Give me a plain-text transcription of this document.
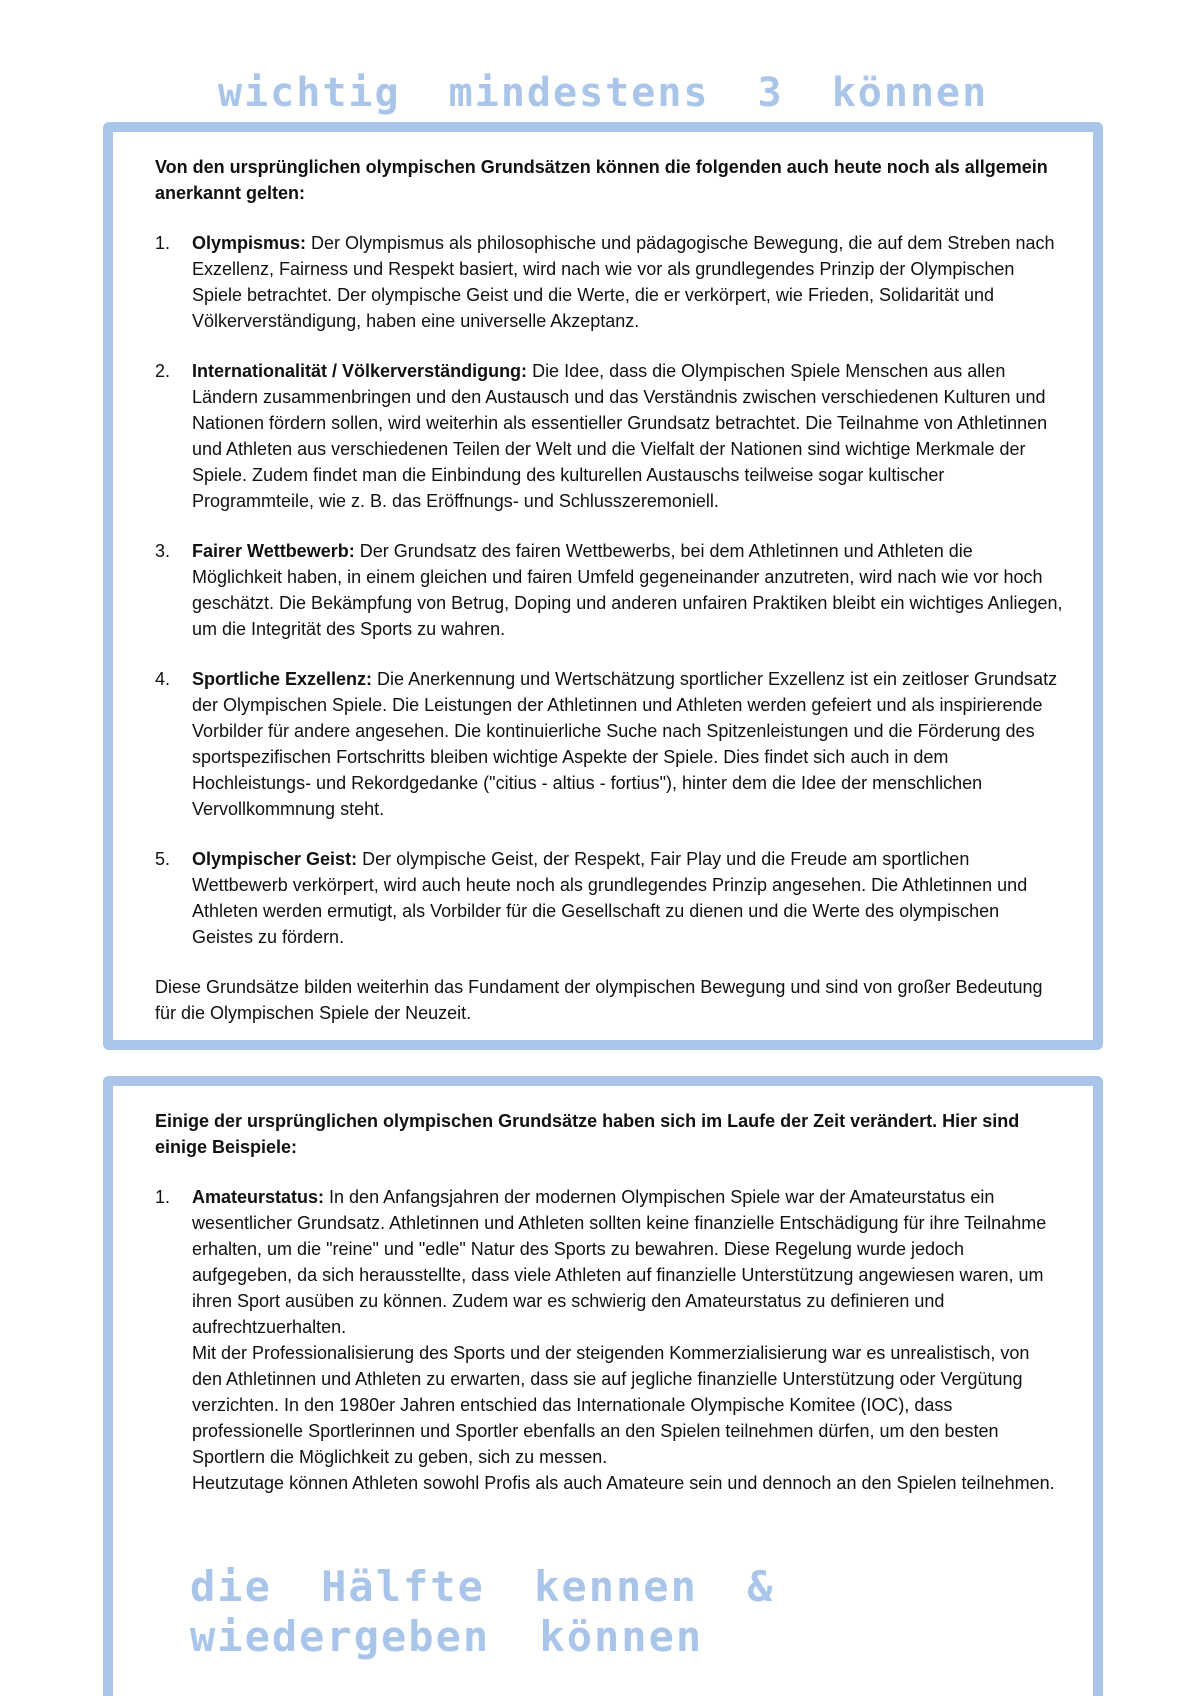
wichtig mindestens 3 können

Von den ursprünglichen olympischen Grundsätzen können die folgenden auch heute noch als allgemein anerkannt gelten:

1. Olympismus: Der Olympismus als philosophische und pädagogische Bewegung, die auf dem Streben nach Exzellenz, Fairness und Respekt basiert, wird nach wie vor als grundlegendes Prinzip der Olympischen Spiele betrachtet. Der olympische Geist und die Werte, die er verkörpert, wie Frieden, Solidarität und Völkerverständigung, haben eine universelle Akzeptanz.
2. Internationalität / Völkerverständigung: Die Idee, dass die Olympischen Spiele Menschen aus allen Ländern zusammenbringen und den Austausch und das Verständnis zwischen verschiedenen Kulturen und Nationen fördern sollen, wird weiterhin als essentieller Grundsatz betrachtet. Die Teilnahme von Athletinnen und Athleten aus verschiedenen Teilen der Welt und die Vielfalt der Nationen sind wichtige Merkmale der Spiele. Zudem findet man die Einbindung des kulturellen Austauschs teilweise sogar kultischer Programmteile, wie z. B. das Eröffnungs- und Schlusszeremoniell.
3. Fairer Wettbewerb: Der Grundsatz des fairen Wettbewerbs, bei dem Athletinnen und Athleten die Möglichkeit haben, in einem gleichen und fairen Umfeld gegeneinander anzutreten, wird nach wie vor hoch geschätzt. Die Bekämpfung von Betrug, Doping und anderen unfairen Praktiken bleibt ein wichtiges Anliegen, um die Integrität des Sports zu wahren.
4. Sportliche Exzellenz: Die Anerkennung und Wertschätzung sportlicher Exzellenz ist ein zeitloser Grundsatz der Olympischen Spiele. Die Leistungen der Athletinnen und Athleten werden gefeiert und als inspirierende Vorbilder für andere angesehen. Die kontinuierliche Suche nach Spitzenleistungen und die Förderung des sportspezifischen Fortschritts bleiben wichtige Aspekte der Spiele. Dies findet sich auch in dem Hochleistungs- und Rekordgedanke ("citius - altius - fortius"), hinter dem die Idee der menschlichen Vervollkommnung steht.
5. Olympischer Geist: Der olympische Geist, der Respekt, Fair Play und die Freude am sportlichen Wettbewerb verkörpert, wird auch heute noch als grundlegendes Prinzip angesehen. Die Athletinnen und Athleten werden ermutigt, als Vorbilder für die Gesellschaft zu dienen und die Werte des olympischen Geistes zu fördern.

Diese Grundsätze bilden weiterhin das Fundament der olympischen Bewegung und sind von großer Bedeutung für die Olympischen Spiele der Neuzeit.

Einige der ursprünglichen olympischen Grundsätze haben sich im Laufe der Zeit verändert. Hier sind einige Beispiele:

1. Amateurstatus: In den Anfangsjahren der modernen Olympischen Spiele war der Amateurstatus ein wesentlicher Grundsatz. Athletinnen und Athleten sollten keine finanzielle Entschädigung für ihre Teilnahme erhalten, um die "reine" und "edle" Natur des Sports zu bewahren. Diese Regelung wurde jedoch aufgegeben, da sich herausstellte, dass viele Athleten auf finanzielle Unterstützung angewiesen waren, um ihren Sport ausüben zu können. Zudem war es schwierig den Amateurstatus zu definieren und aufrechtzuerhalten.
Mit der Professionalisierung des Sports und der steigenden Kommerzialisierung war es unrealistisch, von den Athletinnen und Athleten zu erwarten, dass sie auf jegliche finanzielle Unterstützung oder Vergütung verzichten. In den 1980er Jahren entschied das Internationale Olympische Komitee (IOC), dass professionelle Sportlerinnen und Sportler ebenfalls an den Spielen teilnehmen dürfen, um den besten Sportlern die Möglichkeit zu geben, sich zu messen.
Heutzutage können Athleten sowohl Profis als auch Amateure sein und dennoch an den Spielen teilnehmen.
die Hälfte kennen & wiedergeben können
